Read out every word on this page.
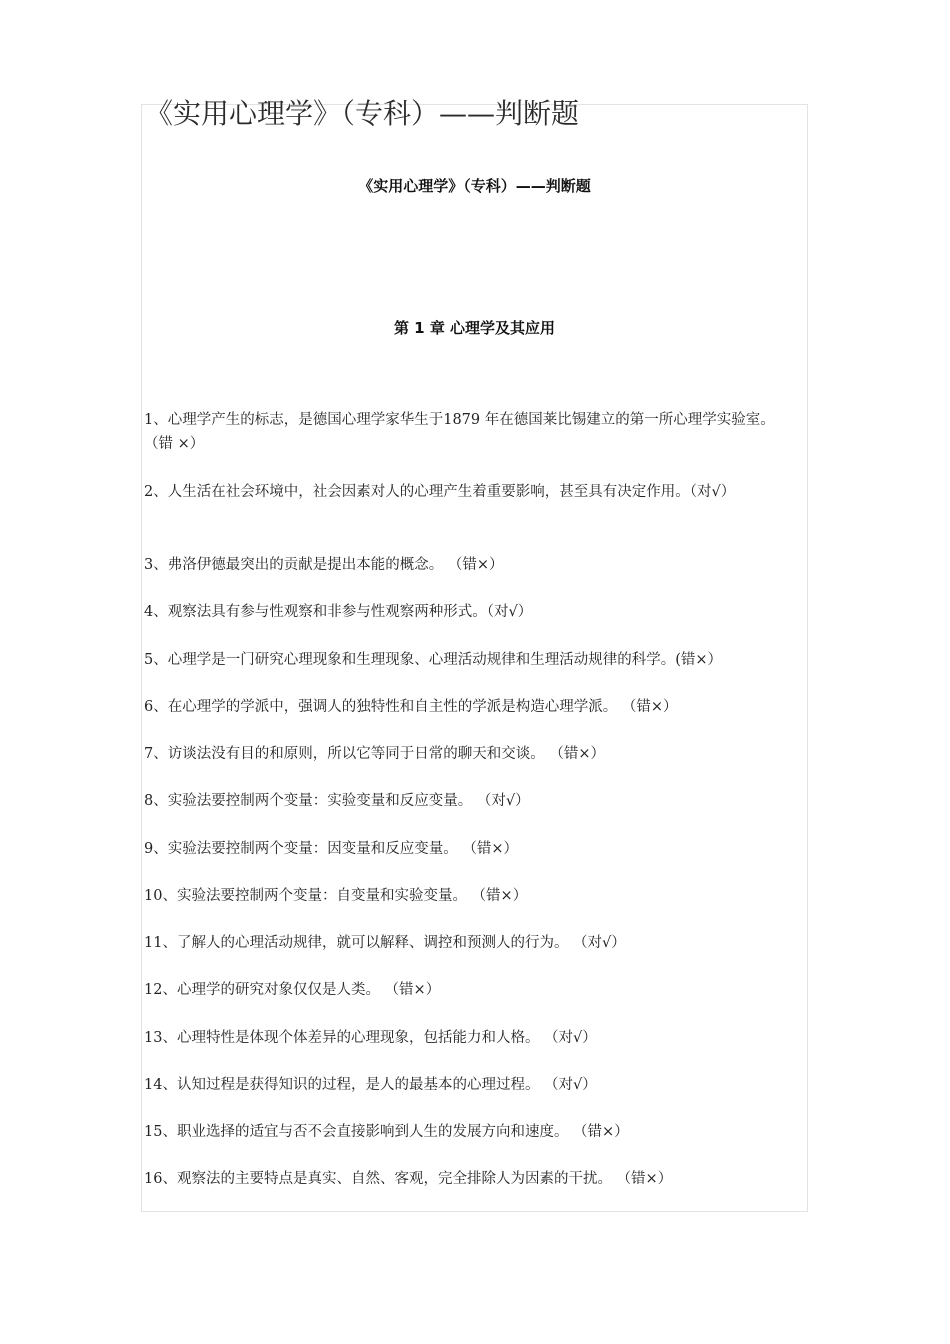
《实用心理学》（专科）——判断题
《实用心理学》（专科）——判断题
第 1 章 心理学及其应用
1、心理学产生的标志，是德国心理学家华生于1879 年在德国莱比锡建立的第一所心理学实验室。 （错 ×）
2、人生活在社会环境中，社会因素对人的心理产生着重要影响，甚至具有决定作用。（对√）
3、弗洛伊德最突出的贡献是提出本能的概念。 （错×）
4、观察法具有参与性观察和非参与性观察两种形式。（对√）
5、心理学是一门研究心理现象和生理现象、心理活动规律和生理活动规律的科学。(错×）
6、在心理学的学派中，强调人的独特性和自主性的学派是构造心理学派。 （错×）
7、访谈法没有目的和原则，所以它等同于日常的聊天和交谈。 （错×）
8、实验法要控制两个变量：实验变量和反应变量。 （对√）
9、实验法要控制两个变量：因变量和反应变量。 （错×）
10、实验法要控制两个变量：自变量和实验变量。 （错×）
11、了解人的心理活动规律，就可以解释、调控和预测人的行为。 （对√）
12、心理学的研究对象仅仅是人类。 （错×）
13、心理特性是体现个体差异的心理现象，包括能力和人格。 （对√）
14、认知过程是获得知识的过程，是人的最基本的心理过程。 （对√）
15、职业选择的适宜与否不会直接影响到人生的发展方向和速度。 （错×）
16、观察法的主要特点是真实、自然、客观，完全排除人为因素的干扰。 （错×）
